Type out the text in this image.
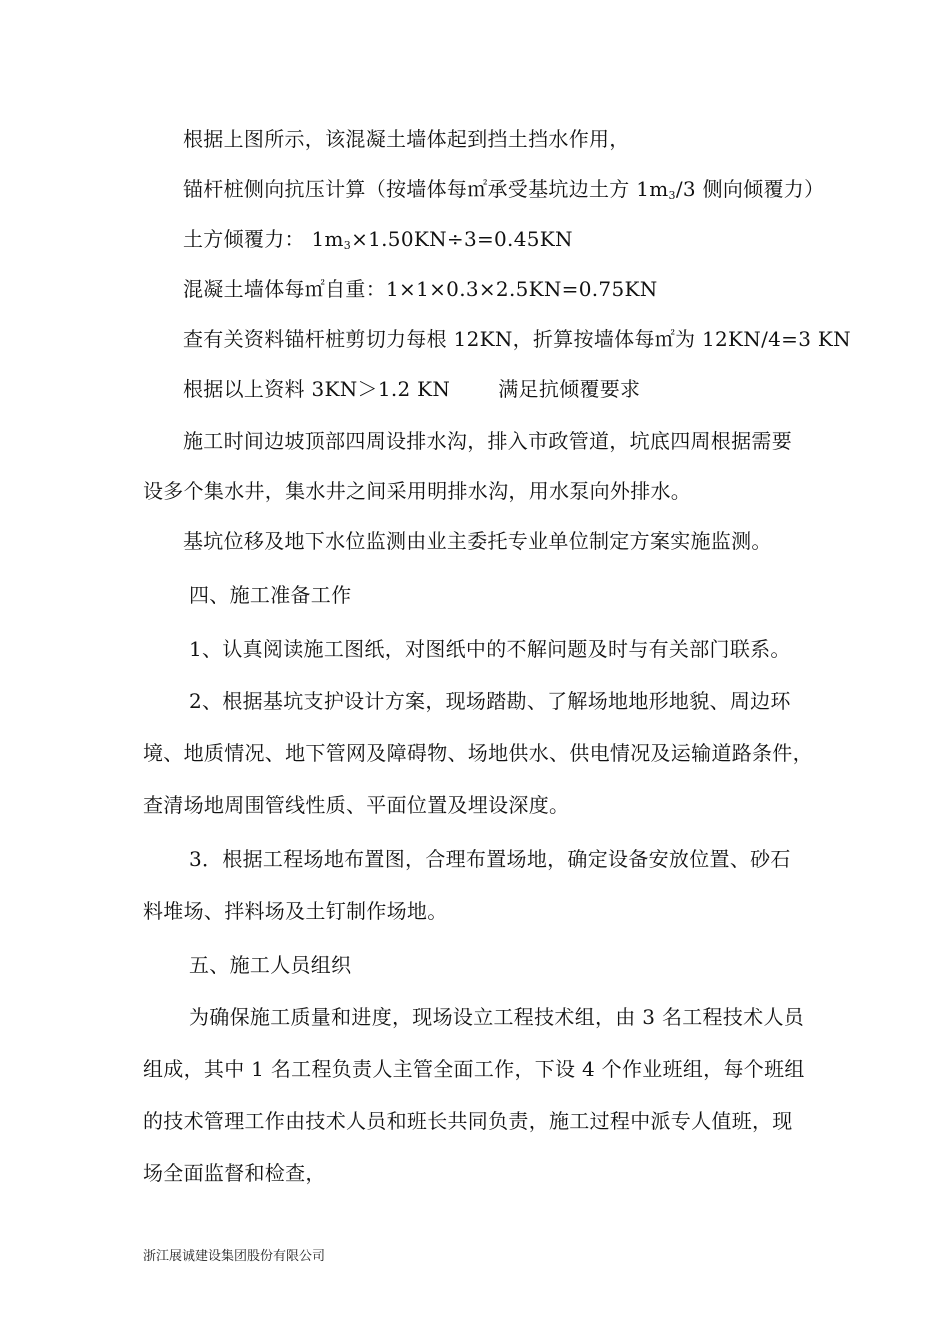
根据上图所示，该混凝土墙体起到挡土挡水作用，
锚杆桩侧向抗压计算（按墙体每㎡承受基坑边土方 $1m_3/3$ 侧向倾覆力）
土方倾覆力： $1m_3\times 1.50KN\div 3=0.45KN$
混凝土墙体每㎡自重：1×1×0.3×2.5KN=0.75KN
查有关资料锚杆桩剪切力每根 12KN，折算按墙体每㎡为 12KN/4=3 KN
根据以上资料 3KN＞1.2 KN 满足抗倾覆要求
施工时间边坡顶部四周设排水沟，排入市政管道，坑底四周根据需要
设多个集水井，集水井之间采用明排水沟，用水泵向外排水。
基坑位移及地下水位监测由业主委托专业单位制定方案实施监测。
四、施工准备工作
1、认真阅读施工图纸，对图纸中的不解问题及时与有关部门联系。
2、根据基坑支护设计方案，现场踏勘、了解场地地形地貌、周边环
境、地质情况、地下管网及障碍物、场地供水、供电情况及运输道路条件，
查清场地周围管线性质、平面位置及埋设深度。
3．根据工程场地布置图，合理布置场地，确定设备安放位置、砂石
料堆场、拌料场及土钉制作场地。
五、施工人员组织
为确保施工质量和进度，现场设立工程技术组，由 3 名工程技术人员
组成，其中 1 名工程负责人主管全面工作，下设 4 个作业班组，每个班组
的技术管理工作由技术人员和班长共同负责，施工过程中派专人值班，现
场全面监督和检查，
浙江展诚建设集团股份有限公司
